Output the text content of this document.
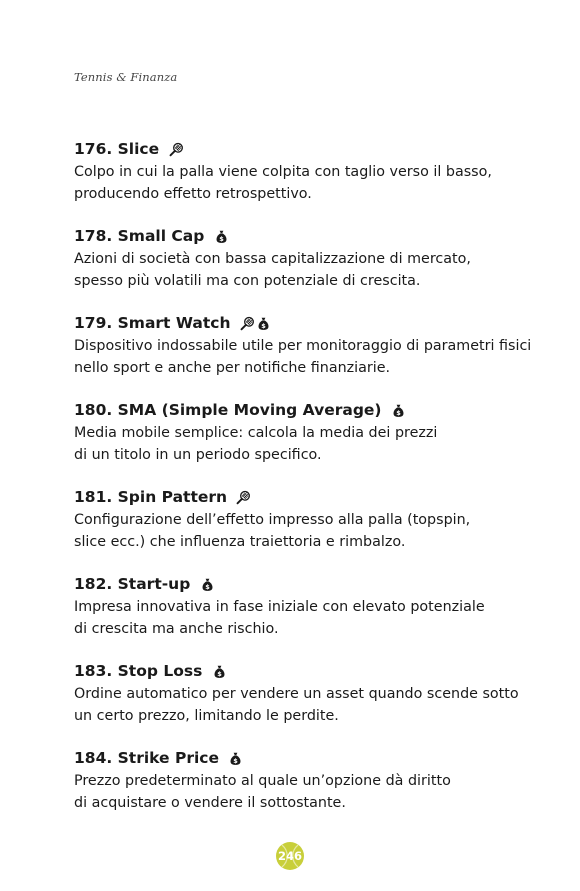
Tennis & Finanza
176. Slice
Colpo in cui la palla viene colpita con taglio verso il basso,
producendo effetto retrospettivo.
178. Small Cap $
Azioni di società con bassa capitalizzazione di mercato,
spesso più volatili ma con potenziale di crescita.
179. Smart Watch	$
Dispositivo indossabile utile per monitoraggio di parametri fisici
nello sport e anche per notifiche finanziarie.
180. SMA (Simple Moving Average) $
Media mobile semplice: calcola la media dei prezzi
di un titolo in un periodo specifico.
181. Spin Pattern
Configurazione dell’effetto impresso alla palla (topspin,
slice ecc.) che influenza traiettoria e rimbalzo.
182. Start-up $
Impresa innovativa in fase iniziale con elevato potenziale
di crescita ma anche rischio.
183. Stop Loss $
Ordine automatico per vendere un asset quando scende sotto
un certo prezzo, limitando le perdite.
184. Strike Price $
Prezzo predeterminato al quale un’opzione dà diritto
di acquistare o vendere il sottostante.
246
